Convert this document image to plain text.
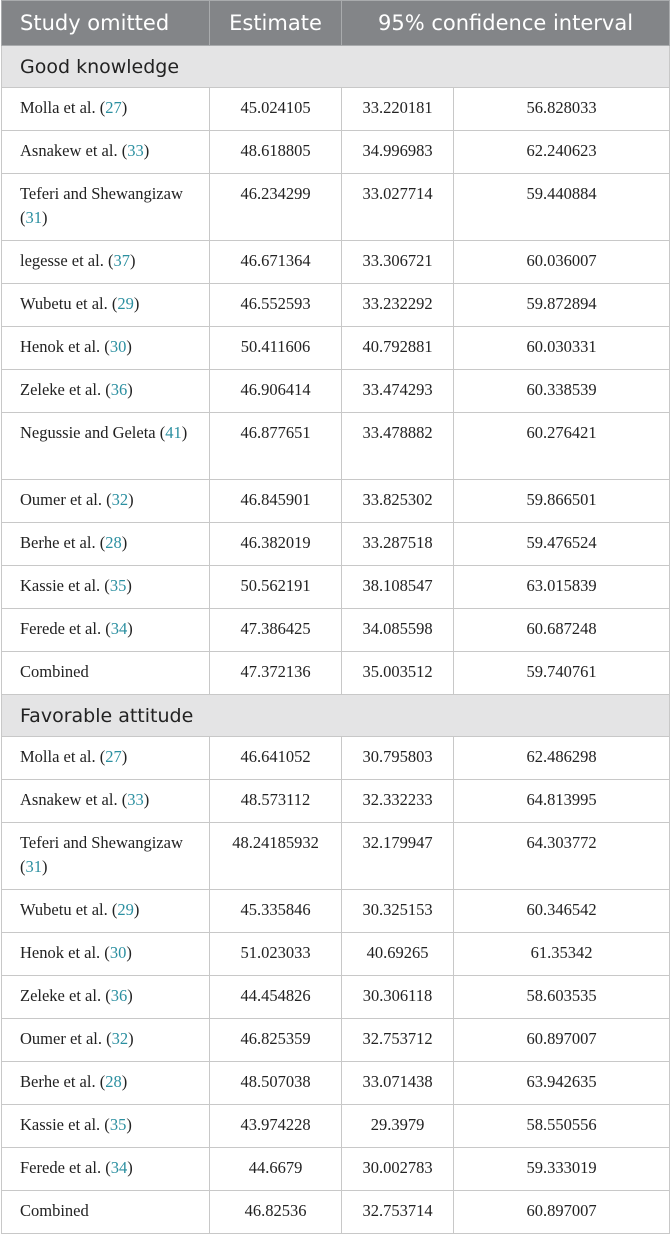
Study omitted	Estimate	95% confidence interval	
Good knowledge			
Molla et al. (27)	45.024105	33.220181	56.828033
Asnakew et al. (33)	48.618805	34.996983	62.240623
Teferi and Shewangizaw (31)	46.234299	33.027714	59.440884
legesse et al. (37)	46.671364	33.306721	60.036007
Wubetu et al. (29)	46.552593	33.232292	59.872894
Henok et al. (30)	50.411606	40.792881	60.030331
Zeleke et al. (36)	46.906414	33.474293	60.338539
Negussie and Geleta (41)	46.877651	33.478882	60.276421
Oumer et al. (32)	46.845901	33.825302	59.866501
Berhe et al. (28)	46.382019	33.287518	59.476524
Kassie et al. (35)	50.562191	38.108547	63.015839
Ferede et al. (34)	47.386425	34.085598	60.687248
Combined	47.372136	35.003512	59.740761
Favorable attitude			
Molla et al. (27)	46.641052	30.795803	62.486298
Asnakew et al. (33)	48.573112	32.332233	64.813995
Teferi and Shewangizaw (31)	48.24185932	32.179947	64.303772
Wubetu et al. (29)	45.335846	30.325153	60.346542
Henok et al. (30)	51.023033	40.69265	61.35342
Zeleke et al. (36)	44.454826	30.306118	58.603535
Oumer et al. (32)	46.825359	32.753712	60.897007
Berhe et al. (28)	48.507038	33.071438	63.942635
Kassie et al. (35)	43.974228	29.3979	58.550556
Ferede et al. (34)	44.6679	30.002783	59.333019
Combined	46.82536	32.753714	60.897007
